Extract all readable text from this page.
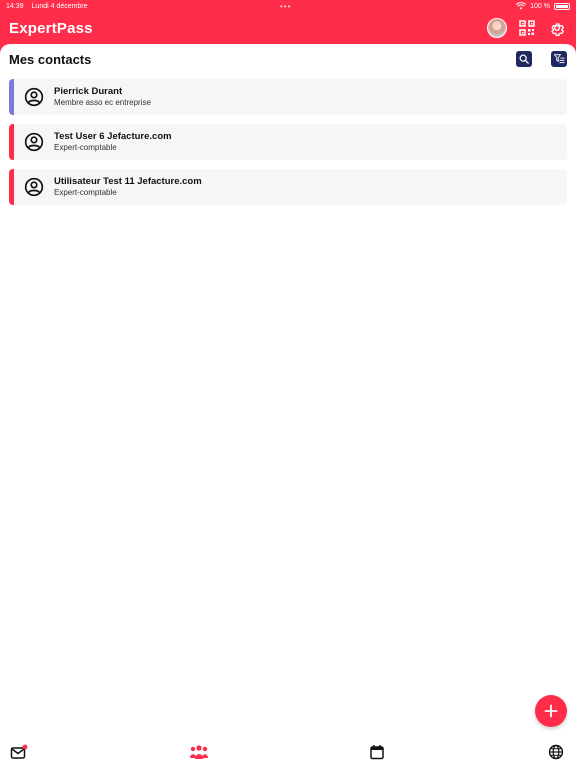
14:39 Lundi 4 décembre	•••	100 %
ExpertPass
Mes contacts
Pierrick Durant
Membre asso ec entreprise
Test User 6 Jefacture.com
Expert-comptable
Utilisateur Test 11 Jefacture.com
Expert-comptable
